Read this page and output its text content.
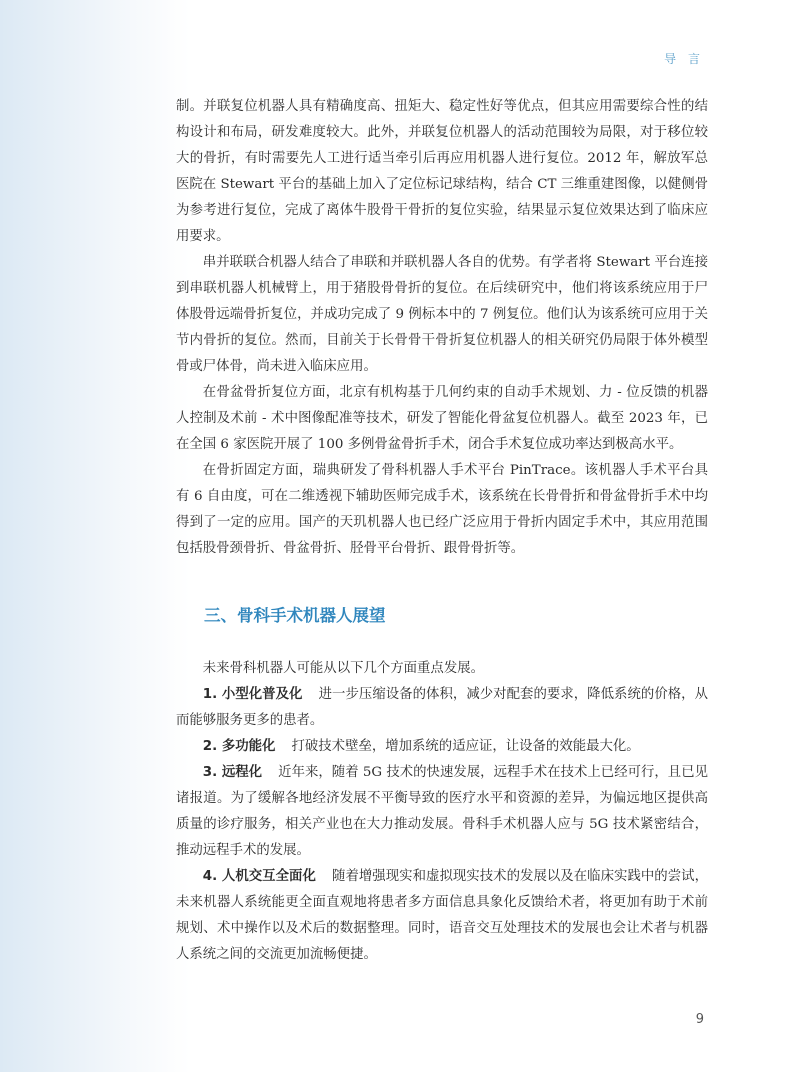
导 言

制。并联复位机器人具有精确度高、扭矩大、稳定性好等优点，但其应用需要综合性的结构设计和布局，研发难度较大。此外，并联复位机器人的活动范围较为局限，对于移位较大的骨折，有时需要先人工进行适当牵引后再应用机器人进行复位。2012 年，解放军总医院在 Stewart 平台的基础上加入了定位标记球结构，结合 CT 三维重建图像，以健侧骨为参考进行复位，完成了离体牛股骨干骨折的复位实验，结果显示复位效果达到了临床应用要求。

串并联联合机器人结合了串联和并联机器人各自的优势。有学者将 Stewart 平台连接到串联机器人机械臂上，用于猪股骨骨折的复位。在后续研究中，他们将该系统应用于尸体股骨远端骨折复位，并成功完成了 9 例标本中的 7 例复位。他们认为该系统可应用于关节内骨折的复位。然而，目前关于长骨骨干骨折复位机器人的相关研究仍局限于体外模型骨或尸体骨，尚未进入临床应用。

在骨盆骨折复位方面，北京有机构基于几何约束的自动手术规划、力 - 位反馈的机器人控制及术前 - 术中图像配准等技术，研发了智能化骨盆复位机器人。截至 2023 年，已在全国 6 家医院开展了 100 多例骨盆骨折手术，闭合手术复位成功率达到极高水平。

在骨折固定方面，瑞典研发了骨科机器人手术平台 PinTrace。该机器人手术平台具有 6 自由度，可在二维透视下辅助医师完成手术，该系统在长骨骨折和骨盆骨折手术中均得到了一定的应用。国产的天玑机器人也已经广泛应用于骨折内固定手术中，其应用范围包括股骨颈骨折、骨盆骨折、胫骨平台骨折、跟骨骨折等。

三、骨科手术机器人展望

未来骨科机器人可能从以下几个方面重点发展。

1. 小型化普及化 进一步压缩设备的体积，减少对配套的要求，降低系统的价格，从而能够服务更多的患者。

2. 多功能化 打破技术壁垒，增加系统的适应证，让设备的效能最大化。

3. 远程化 近年来，随着 5G 技术的快速发展，远程手术在技术上已经可行，且已见诸报道。为了缓解各地经济发展不平衡导致的医疗水平和资源的差异，为偏远地区提供高质量的诊疗服务，相关产业也在大力推动发展。骨科手术机器人应与 5G 技术紧密结合，推动远程手术的发展。

4. 人机交互全面化 随着增强现实和虚拟现实技术的发展以及在临床实践中的尝试，未来机器人系统能更全面直观地将患者多方面信息具象化反馈给术者，将更加有助于术前规划、术中操作以及术后的数据整理。同时，语音交互处理技术的发展也会让术者与机器人系统之间的交流更加流畅便捷。

9
